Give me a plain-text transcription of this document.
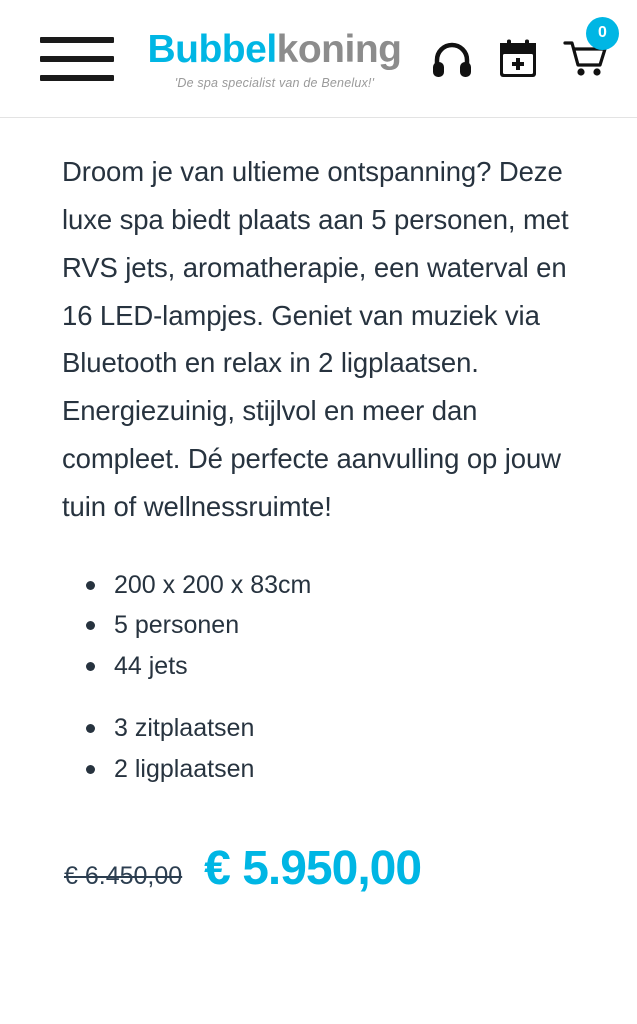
Bubbelkoning
'De spa specialist van de Benelux!'
0

Droom je van ultieme ontspanning? Deze luxe spa biedt plaats aan 5 personen, met RVS jets, aromatherapie, een waterval en 16 LED-lampjes. Geniet van muziek via Bluetooth en relax in 2 ligplaatsen. Energiezuinig, stijlvol en meer dan compleet. Dé perfecte aanvulling op jouw tuin of wellnessruimte!

200 x 200 x 83cm
5 personen
44 jets
3 zitplaatsen
2 ligplaatsen
€ 6.450,00 € 5.950,00
